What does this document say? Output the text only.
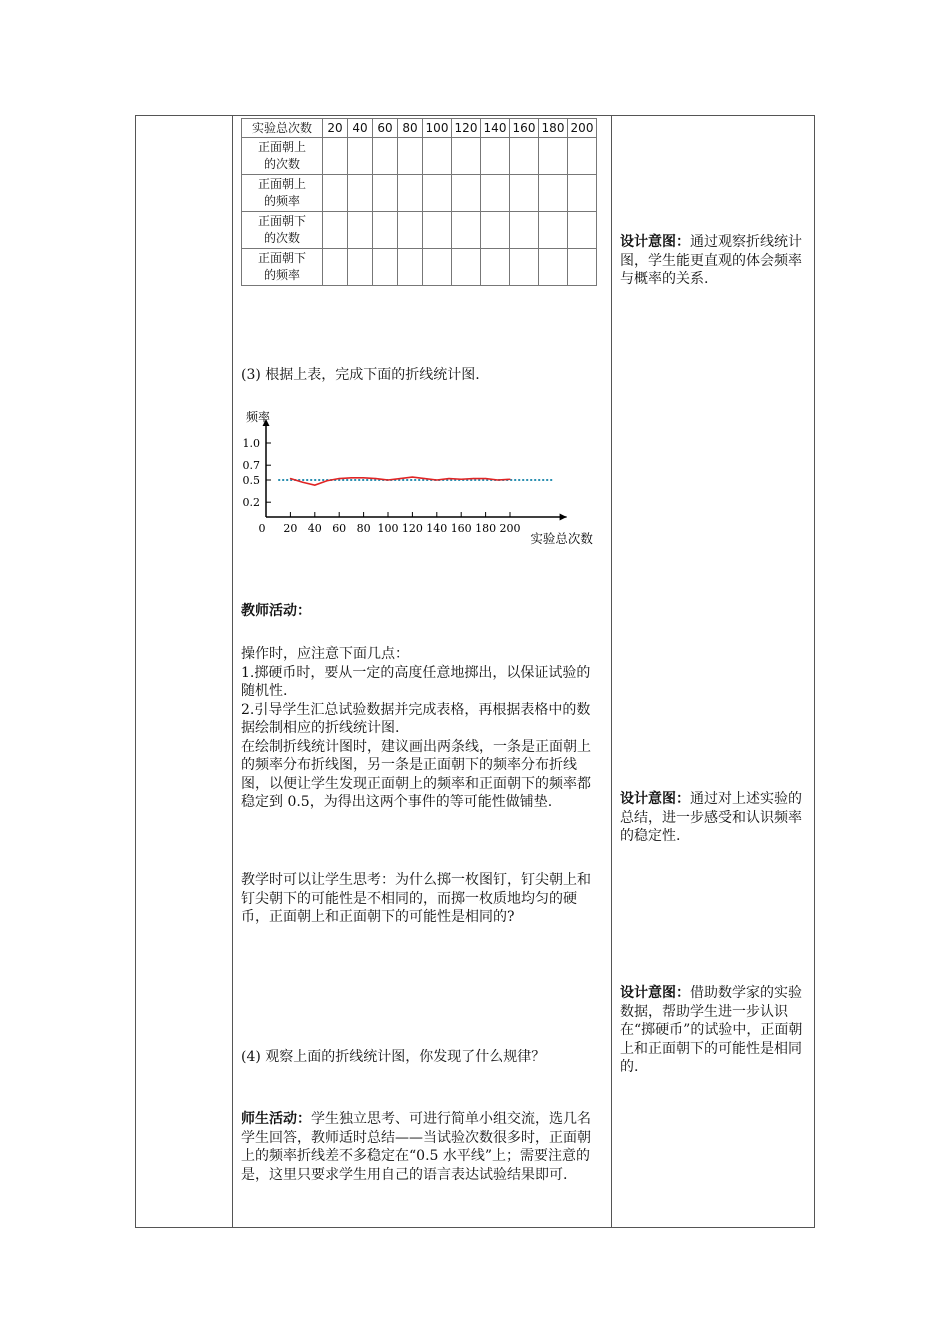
实验总次数	20	40	60	80	100	120	140	160	180	200
正面朝上
的次数										
正面朝上
的频率										
正面朝下
的次数										
正面朝下
的频率										
设计意图：通过观察折线统计图，学生能更直观的体会频率与概率的关系.
(3) 根据上表，完成下面的折线统计图.
1.0
0.7
0.5
0.2
0 20 40 60 80 100 120 140 160 180 200
频率
实验总次数
教师活动：

操作时，应注意下面几点：

1.掷硬币时，要从一定的高度任意地掷出，以保证试验的随机性.

2.引导学生汇总试验数据并完成表格，再根据表格中的数据绘制相应的折线统计图.

在绘制折线统计图时，建议画出两条线，一条是正面朝上的频率分布折线图，另一条是正面朝下的频率分布折线图，以便让学生发现正面朝上的频率和正面朝下的频率都稳定到 0.5，为得出这两个事件的等可能性做铺垫.

教学时可以让学生思考：为什么掷一枚图钉，钉尖朝上和钉尖朝下的可能性是不相同的，而掷一枚质地均匀的硬币，正面朝上和正面朝下的可能性是相同的?
设计意图：通过对上述实验的总结，进一步感受和认识频率的稳定性.
设计意图：借助数学家的实验数据，帮助学生进一步认识在“掷硬币”的试验中，正面朝上和正面朝下的可能性是相同的.
(4) 观察上面的折线统计图，你发现了什么规律？
师生活动：学生独立思考、可进行简单小组交流，选几名学生回答，教师适时总结——当试验次数很多时，正面朝上的频率折线差不多稳定在“0.5 水平线”上；需要注意的是，这里只要求学生用自己的语言表达试验结果即可.
